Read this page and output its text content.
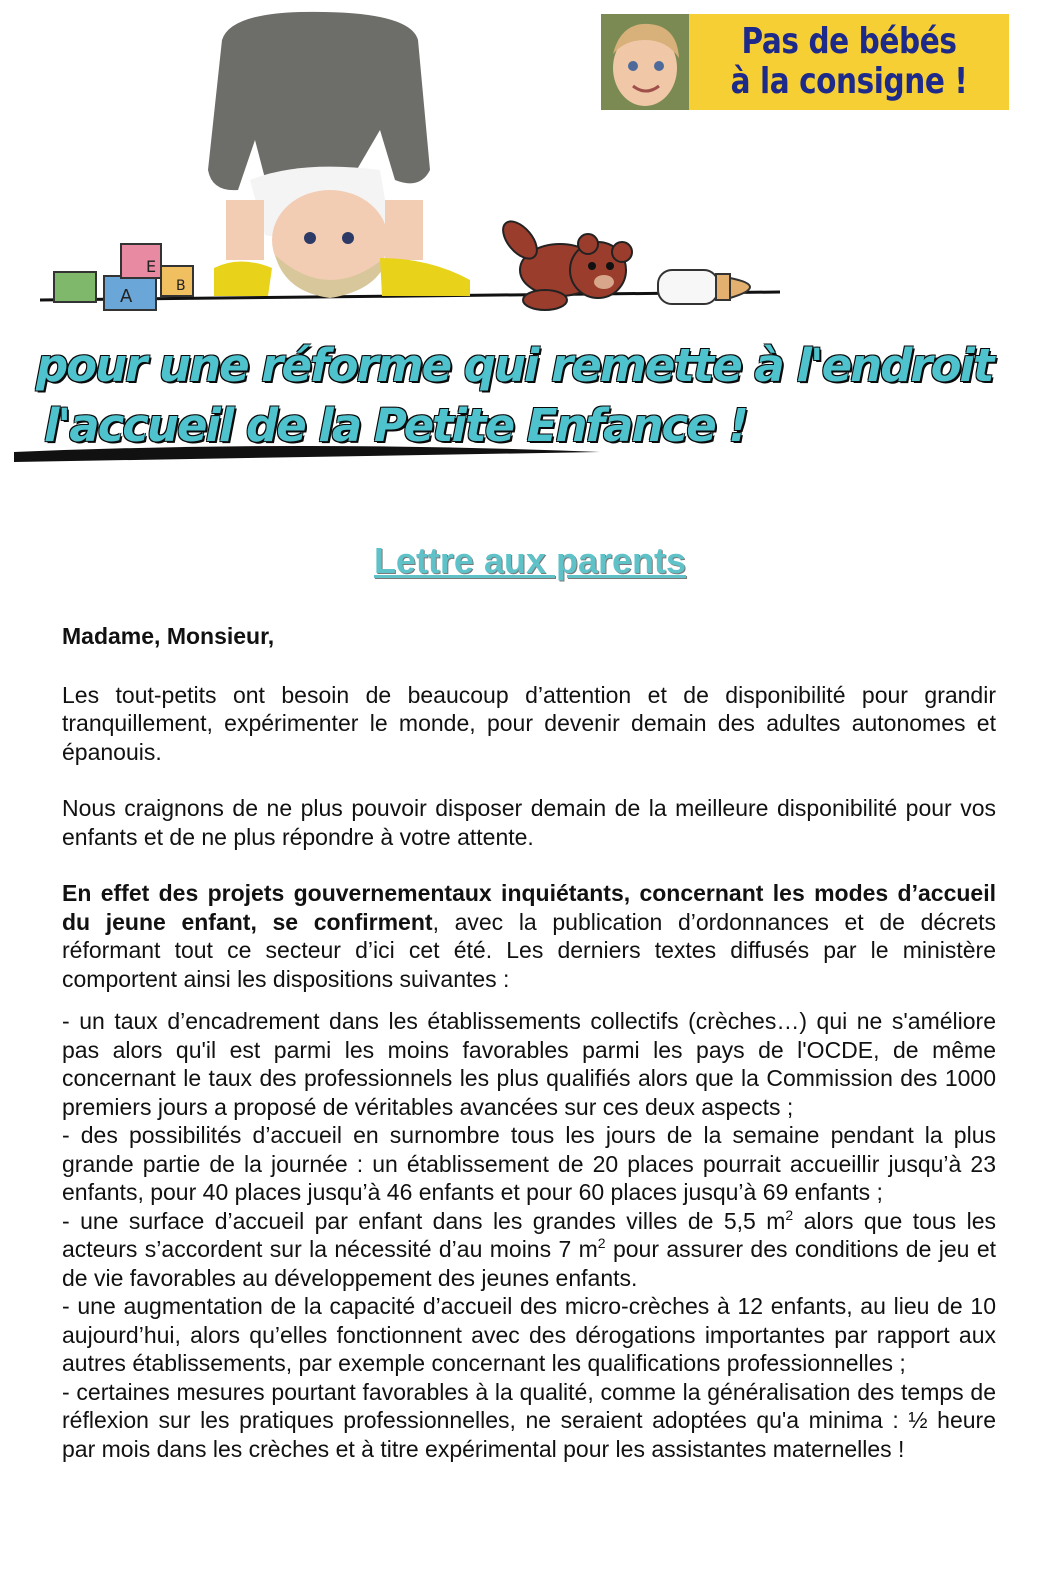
E
A	B
Pas de bébés
à la consigne !
pour une réforme qui remette à l'endroit
l'accueil de la Petite Enfance !
Lettre aux parents

Madame, Monsieur,

Les tout-petits ont besoin de beaucoup d’attention et de disponibilité pour grandir tranquillement, expérimenter le monde, pour devenir demain des adultes autonomes et épanouis.

Nous craignons de ne plus pouvoir disposer demain de la meilleure disponibilité pour vos enfants et de ne plus répondre à votre attente.

En effet des projets gouvernementaux inquiétants, concernant les modes d’accueil du jeune enfant, se confirment, avec la publication d’ordonnances et de décrets réformant tout ce secteur d’ici cet été. Les derniers textes diffusés par le ministère comportent ainsi les dispositions suivantes :

- un taux d’encadrement dans les établissements collectifs (crèches…) qui ne s'améliore pas alors qu'il est parmi les moins favorables parmi les pays de l'OCDE, de même concernant le taux des professionnels les plus qualifiés alors que la Commission des 1000 premiers jours a proposé de véritables avancées sur ces deux aspects ;

- des possibilités d’accueil en surnombre tous les jours de la semaine pendant la plus grande partie de la journée : un établissement de 20 places pourrait accueillir jusqu’à 23 enfants, pour 40 places jusqu’à 46 enfants et pour 60 places jusqu’à 69 enfants ;

- une surface d’accueil par enfant dans les grandes villes de 5,5 $m^2$ alors que tous les acteurs s’accordent sur la nécessité d’au moins 7 $m^2$ pour assurer des conditions de jeu et de vie favorables au développement des jeunes enfants.

- une augmentation de la capacité d’accueil des micro-crèches à 12 enfants, au lieu de 10 aujourd’hui, alors qu’elles fonctionnent avec des dérogations importantes par rapport aux autres établissements, par exemple concernant les qualifications professionnelles ;

- certaines mesures pourtant favorables à la qualité, comme la généralisation des temps de réflexion sur les pratiques professionnelles, ne seraient adoptées qu'a minima : ½ heure par mois dans les crèches et à titre expérimental pour les assistantes maternelles !
